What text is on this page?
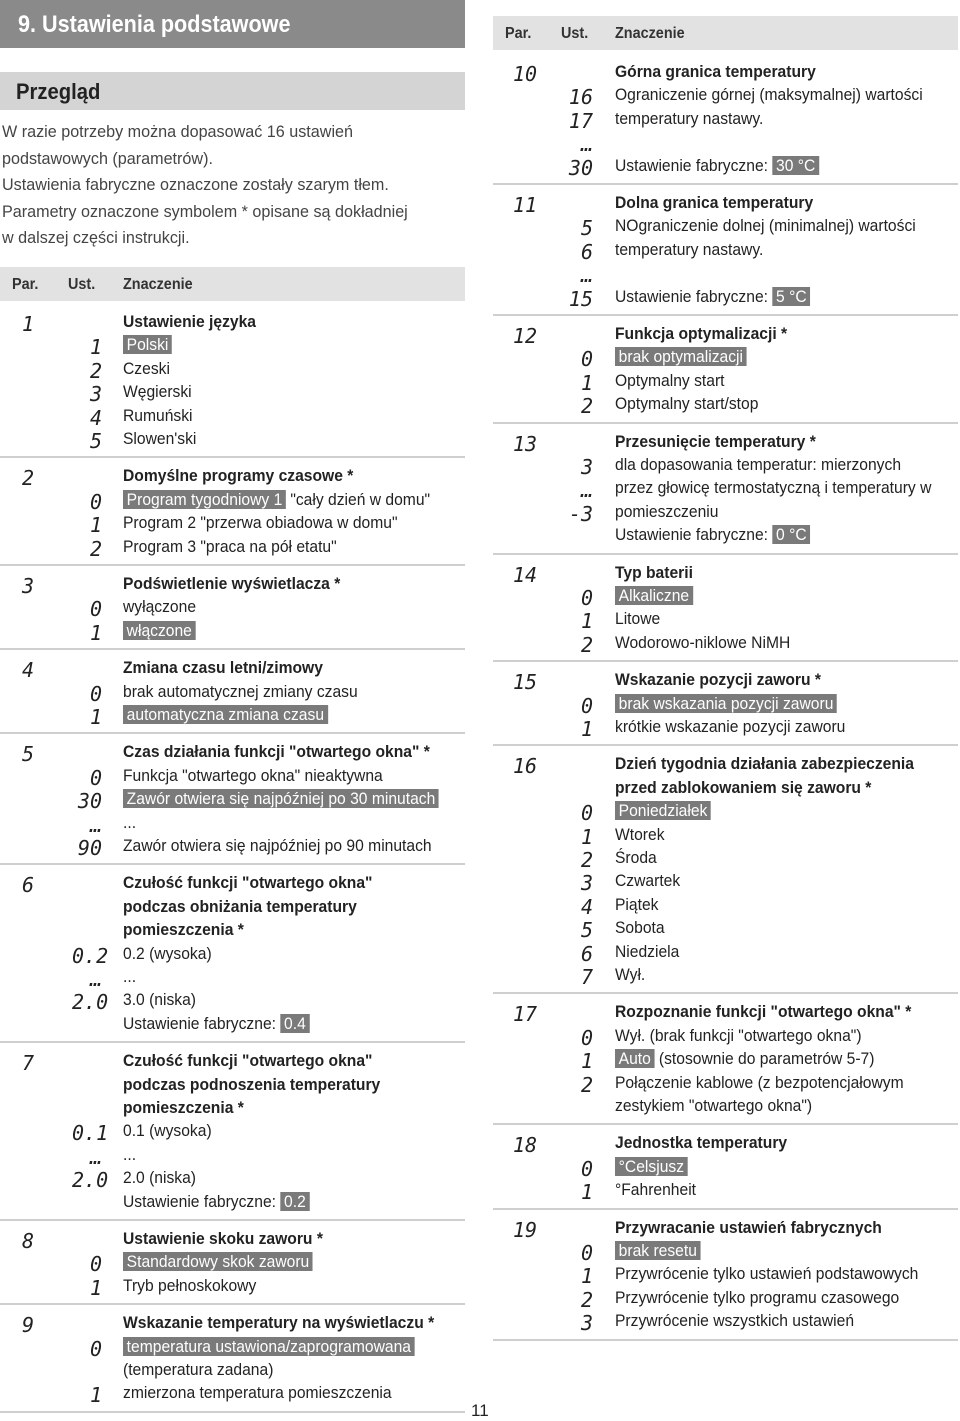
9. Ustawienia podstawowe
Przegląd

W razie potrzeby można dopasować 16 ustawień
podstawowych (parametrów).
Ustawienia fabryczne oznaczone zostały szarym tłem.
Parametry oznaczone symbolem * opisane są dokładniej
w dalszej części instrukcji.

Par. Ust. Znaczenie
1	Ustawienie języka
1 Polski
2 Czeski
3 Węgierski
4 Rumuński
5 Slowen'ski
2	Domyślne programy czasowe *
0 Program tygodniowy 1 "cały dzień w domu"
1 Program 2 "przerwa obiadowa w domu"
2 Program 3 "praca na pół etatu"
3	Podświetlenie wyświetlacza *
0 wyłączone
1 włączone
4	Zmiana czasu letni/zimowy
0 brak automatycznej zmiany czasu
1 automatyczna zmiana czasu
5	Czas działania funkcji "otwartego okna" *
0 Funkcja "otwartego okna" nieaktywna
30 Zawór otwiera się najpóźniej po 30 minutach
… ...
90 Zawór otwiera się najpóźniej po 90 minutach
6	Czułość funkcji "otwartego okna"
podczas obniżania temperatury
pomieszczenia *
0.2 0.2 (wysoka)
… ...
2.0 3.0 (niska)
Ustawienie fabryczne: 0.4
7	Czułość funkcji "otwartego okna"
podczas podnoszenia temperatury
pomieszczenia *
0.1 0.1 (wysoka)
… ...
2.0 2.0 (niska)
Ustawienie fabryczne: 0.2
8	Ustawienie skoku zaworu *
0 Standardowy skok zaworu
1 Tryb pełnoskokowy
9	Wskazanie temperatury na wyświetlaczu *
0 temperatura ustawiona/zaprogramowana
(temperatura zadana)
1 zmierzona temperatura pomieszczenia
Par. Ust. Znaczenie
10	Górna granica temperatury
16 Ograniczenie górnej (maksymalnej) wartości
17 temperatury nastawy.
…
30 Ustawienie fabryczne: 30 °C
11	Dolna granica temperatury
5 NOgraniczenie dolnej (minimalnej) wartości
6 temperatury nastawy.
…
15 Ustawienie fabryczne: 5 °C
12	Funkcja optymalizacji *
0 brak optymalizacji
1 Optymalny start
2 Optymalny start/stop
13	Przesunięcie temperatury *
3 dla dopasowania temperatur: mierzonych
… przez głowicę termostatyczną i temperatury w
-3 pomieszczeniu
Ustawienie fabryczne: 0 °C
14	Typ baterii
0 Alkaliczne
1 Litowe
2 Wodorowo-niklowe NiMH
15	Wskazanie pozycji zaworu *
0 brak wskazania pozycji zaworu
1 krótkie wskazanie pozycji zaworu
16	Dzień tygodnia działania zabezpieczenia
przed zablokowaniem się zaworu *
0 Poniedziałek
1 Wtorek
2 Środa
3 Czwartek
4 Piątek
5 Sobota
6 Niedziela
7 Wył.
17	Rozpoznanie funkcji "otwartego okna" *
0 Wył. (brak funkcji "otwartego okna")
1 Auto (stosownie do parametrów 5-7)
2 Połączenie kablowe (z bezpotencjałowym
zestykiem "otwartego okna")
18	Jednostka temperatury
0 °Celsjusz
1 °Fahrenheit
19	Przywracanie ustawień fabrycznych
0 brak resetu
1 Przywrócenie tylko ustawień podstawowych
2 Przywrócenie tylko programu czasowego
3 Przywrócenie wszystkich ustawień
11
